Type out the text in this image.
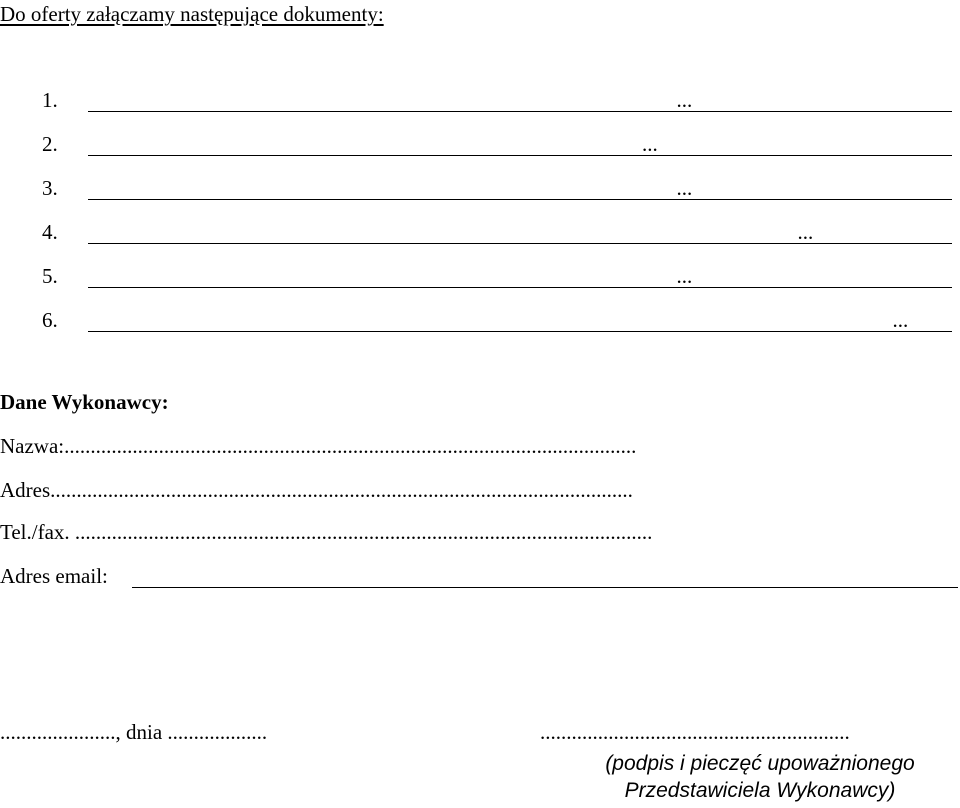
Do oferty załączamy następujące dokumenty:
1.	...
2.	...
3.	...
4.	...
5.	...
6.	...
Dane Wykonawcy:
Nazwa:.............................................................................................................
Adres...............................................................................................................
Tel./fax. ..............................................................................................................
Adres email:
......................, dnia ...................	...........................................................
(podpis i pieczęć upoważnionego Przedstawiciela Wykonawcy)
